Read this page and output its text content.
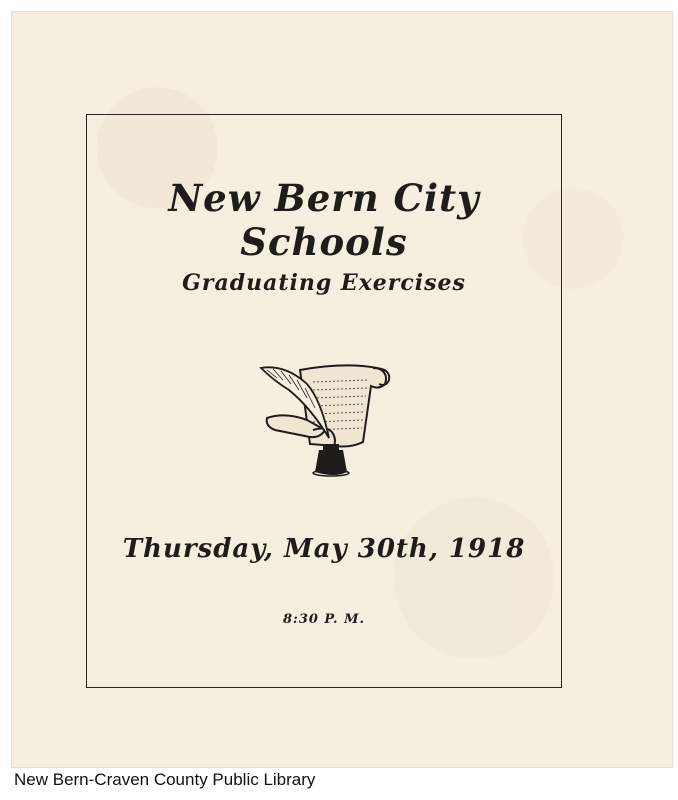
New Bern City Schools
Graduating Exercises
Thursday, May 30th, 1918
8:30 P. M.
New Bern-Craven County Public Library
